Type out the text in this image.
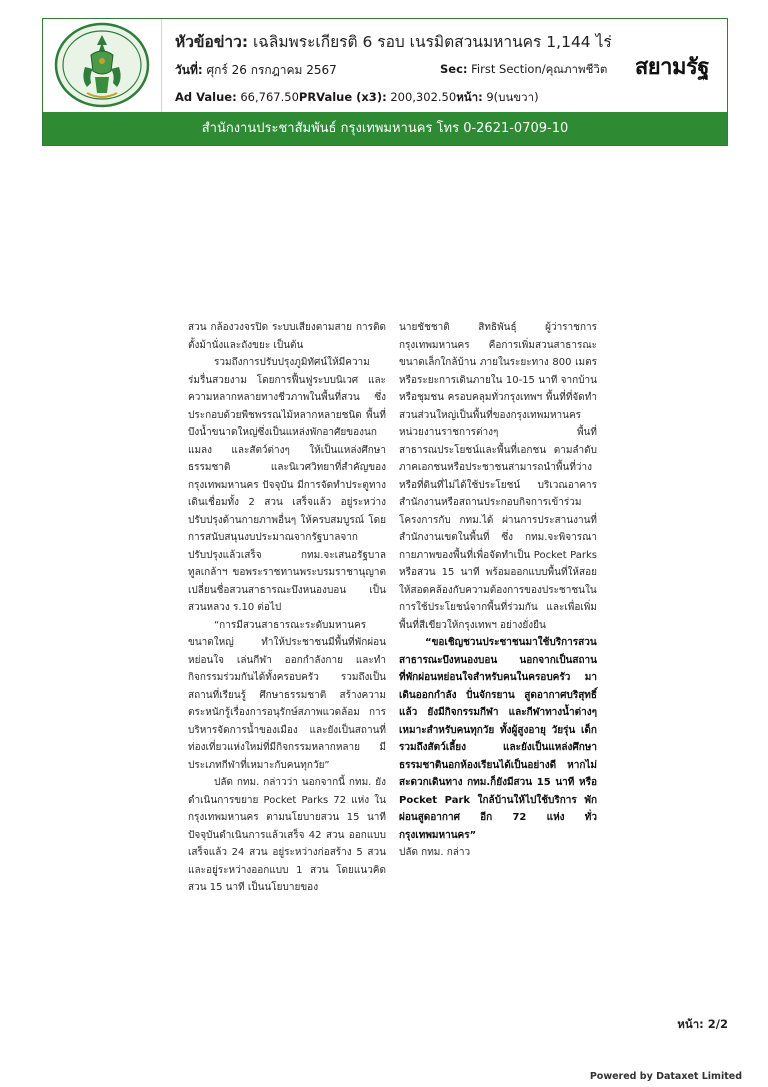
หัวข้อข่าว: เฉลิมพระเกียรติ 6 รอบ เนรมิตสวนมหานคร 1,144 ไร่
วันที่: ศุกร์ 26 กรกฎาคม 2567	Sec: First Section/คุณภาพชีวิต
Ad Value: 66,767.50PRValue (x3): 200,302.50หน้า: 9(บนขวา)
สยามรัฐ
สำนักงานประชาสัมพันธ์ กรุงเทพมหานคร โทร 0-2621-0709-10

สวน กล้องวงจรปิด ระบบเสียงตามสาย การติดตั้งม้านั่งและถังขยะ เป็นต้น

รวมถึงการปรับปรุงภูมิทัศน์ให้มีความร่มรื่นสวยงาม โดยการฟื้นฟูระบบนิเวศ และความหลากหลายทางชีวภาพในพื้นที่สวน ซึ่งประกอบด้วยพืชพรรณไม้หลากหลายชนิด พื้นที่บึงน้ำขนาดใหญ่ซึ่งเป็นแหล่งพักอาศัยของนก แมลง และสัตว์ต่างๆ ให้เป็นแหล่งศึกษาธรรมชาติ และนิเวศวิทยาที่สำคัญของกรุงเทพมหานคร ปัจจุบัน มีการจัดทำประตูทางเดินเชื่อมทั้ง 2 สวน เสร็จแล้ว อยู่ระหว่างปรับปรุงด้านกายภาพอื่นๆ ให้ครบสมบูรณ์ โดยการสนับสนุนงบประมาณจากรัฐบาลจากปรับปรุงแล้วเสร็จ กทม.จะเสนอรัฐบาลทูลเกล้าฯ ขอพระราชทานพระบรมราชานุญาตเปลี่ยนชื่อสวนสาธารณะบึงหนองบอน เป็นสวนหลวง ร.10 ต่อไป

“การมีสวนสาธารณะระดับมหานครขนาดใหญ่ ทำให้ประชาชนมีพื้นที่พักผ่อนหย่อนใจ เล่นกีฬา ออกกำลังกาย และทำกิจกรรมร่วมกันได้ทั้งครอบครัว รวมถึงเป็นสถานที่เรียนรู้ ศึกษาธรรมชาติ สร้างความตระหนักรู้เรื่องการอนุรักษ์สภาพแวดล้อม การบริหารจัดการน้ำของเมือง และยังเป็นสถานที่ท่องเที่ยวแห่งใหม่ที่มีกิจกรรมหลากหลาย มีประเภทกีฬาที่เหมาะกับคนทุกวัย”

ปลัด กทม. กล่าวว่า นอกจากนี้ กทม. ยังดำเนินการขยาย Pocket Parks 72 แห่ง ในกรุงเทพมหานคร ตามนโยบายสวน 15 นาที ปัจจุบันดำเนินการแล้วเสร็จ 42 สวน ออกแบบเสร็จแล้ว 24 สวน อยู่ระหว่างก่อสร้าง 5 สวน และอยู่ระหว่างออกแบบ 1 สวน โดยแนวคิดสวน 15 นาที เป็นนโยบายของ

นายชัชชาติ สิทธิพันธุ์ ผู้ว่าราชการกรุงเทพมหานคร คือการเพิ่มสวนสาธารณะขนาดเล็กใกล้บ้าน ภายในระยะทาง 800 เมตร หรือระยะการเดินภายใน 10-15 นาที จากบ้านหรือชุมชน ครอบคลุมทั่วกรุงเทพฯ พื้นที่ที่จัดทำสวนส่วนใหญ่เป็นพื้นที่ของกรุงเทพมหานคร หน่วยงานราชการต่างๆ พื้นที่สาธารณประโยชน์และพื้นที่เอกชน ตามลำดับ ภาคเอกชนหรือประชาชนสามารถนำพื้นที่ว่างหรือที่ดินที่ไม่ได้ใช้ประโยชน์ บริเวณอาคารสำนักงานหรือสถานประกอบกิจการเข้าร่วมโครงการกับ กทม.ได้ ผ่านการประสานงานที่สำนักงานเขตในพื้นที่ ซึ่ง กทม.จะพิจารณากายภาพของพื้นที่เพื่อจัดทำเป็น Pocket Parks หรือสวน 15 นาที พร้อมออกแบบพื้นที่ให้สอยให้สอดคล้องกับความต้องการของประชาชนในการใช้ประโยชน์จากพื้นที่ร่วมกัน และเพื่อเพิ่มพื้นที่สีเขียวให้กรุงเทพฯ อย่างยั่งยืน

“ขอเชิญชวนประชาชนมาใช้บริการสวนสาธารณะบึงหนองบอน นอกจากเป็นสถานที่พักผ่อนหย่อนใจสำหรับคนในครอบครัว มาเดินออกกำลัง ปั่นจักรยาน สูดอากาศบริสุทธิ์แล้ว ยังมีกิจกรรมกีฬา และกีฬาทางน้ำต่างๆ เหมาะสำหรับคนทุกวัย ทั้งผู้สูงอายุ วัยรุ่น เด็ก รวมถึงสัตว์เลี้ยง และยังเป็นแหล่งศึกษาธรรมชาตินอกห้องเรียนได้เป็นอย่างดี หากไม่สะดวกเดินทาง กทม.ก็ยังมีสวน 15 นาที หรือ Pocket Park ใกล้บ้านให้ไปใช้บริการ พักผ่อนสูดอากาศ อีก 72 แห่ง ทั่วกรุงเทพมหานคร”

ปลัด กทม. กล่าว

หน้า: 2/2
Powered by Dataxet Limited
